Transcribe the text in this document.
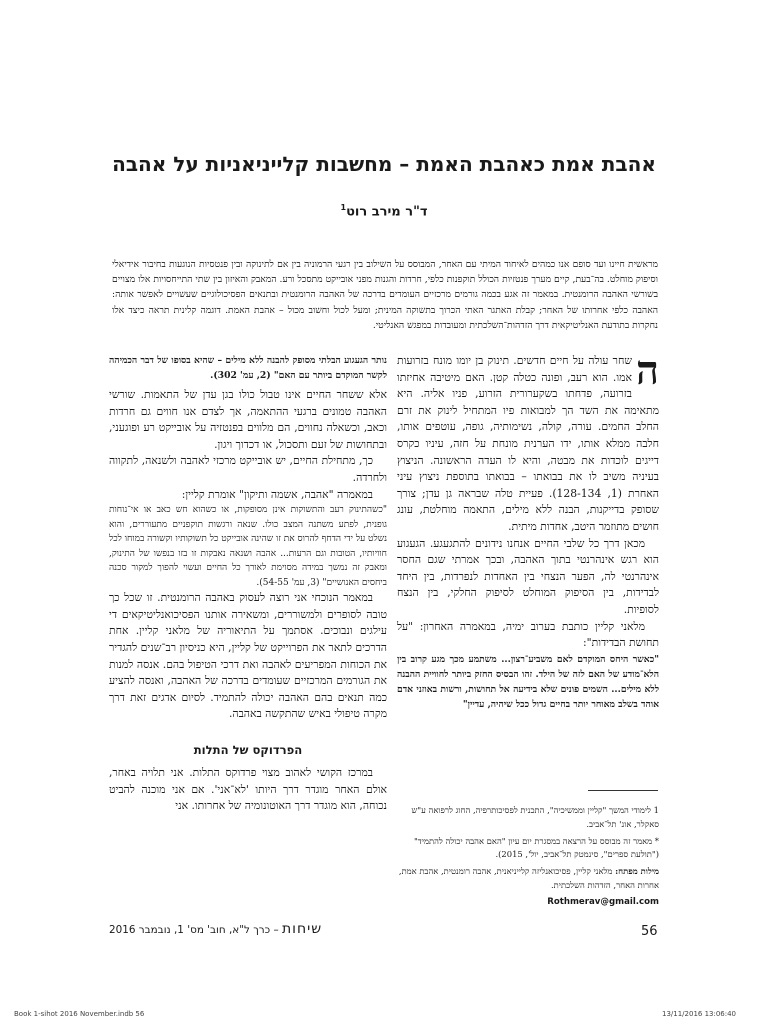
אהבת אמת כאהבת האמת – מחשבות קלייניאניות על אהבה
ד"ר מירב רוט$^1$
מראשית חיינו ועד סופם אנו כמהים לאיחוד המיתי עם האחר, המבוסס על השילוב בין רגעי הרמוניה בין אם לתינוקה ובין פנטסיות הנוגעות בחיבור אידיאלי וסיפוק מוחלט. בה־בעת, קיים מערך פנטזיות הכולל תוקפנות כלפי, חרדות והגנות מפני אובייקט מתסכל ורע. המאבק והאיזון בין שתי התייחסויות אלו מצויים בשורשי האהבה הרומנטית. במאמר זה אגע בכמה גורמים מרכזיים העומדים בדרכה של האהבה הרומנטית ובתנאים הפסיכולוגיים שעשויים לאפשר אותה: האהבה כלפי אחרותו של האחר; קבלת האתגר האתי הכרוך בתשוקה המינית; ומעל לכול וחשוב מכול – אהבת האמת. דוגמה קלינית תראה כיצד אלו נחקרות בתודעת האנליטיקאית דרך הזדהות־השלכתית ומעובדות במפגש האנליטי.

ה
שחר עולה על חיים חדשים. תינוק בן יומו מונח בזרועות אמו. הוא רעב, ופונה כטלה קטן. האם מיטיבה אחיזתו בזרועה, פדחתו בשקערורית הזרוע, פניו אליה. היא מתאימה את השד הך למבואות פיו המתחיל לינוק את זרם החלב החמים. עורה, קולה, נשימותיה, גופה, עוטפים אותו, חלבה ממלא אותו, ידו הערנית מונחת על חזה, עיניו כקרס דייגים לוכדות את מבטה, והיא לו העדה הראשונה. הניצוץ בעיניה משיב לו את בבואתו – בבואתו בתוספת ניצוץ עיני האחרת (1, 128-134). פעיית טלה שבראה גן עדן; צורך שסופק בדייקנות, הבנה ללא מילים, התאמה מוחלטת, עונג חושים מתוזמר היטב, אחדות מיתית.

מכאן דרך כל שלבי החיים אנחנו נידונים להתגעגע. הגעגוע הוא רגש אינהרנטי בתוך האהבה, ובכך אמרתי שגם החסר אינהרנטי לה, הפער הנצחי בין האחדות לנפרדות, בין היחד לבדידות, בין הסיפוק המוחלט לסיפוק החלקי, בין הנצח לסופיות.

מלאני קליין כותבת בערוב ימיה, במאמרה האחרון: "על תחושת הבדידות":

"כאשר היחס המוקדם לאם משביע־רצון... משתמע מכך מגע קרוב בין הלא־מודע של האם לזה של הילד. זהו הבסיס החזק ביותר לחוויית ההבנה ללא מילים... השמים פונים שלא בידיעה אל תחושות, ורשות באוזני אדם אוהד בשלב מאוחר יותר בחיים גדול ככל שיהיה, עדיין"

1 לימודי המשך "קליין וממשיכיה", התכנית לפסיכותרפיה, החוג לרפואה ע"ש סאקלר, אונ' תל־אביב.

* מאמר זה מבוסס על הרצאה במסגרת יום עיון "האם אהבה יכולה להתמיד" ("תולעת ספרים", סינמטק תל־אביב, יול', 2015).

מילות מפתח: מלאני קליין, פסיכואנליזה קלייניאנית, אהבה רומנטית, אהבת אמת, אחרות האחר, הזדהות השלכתית.

Rothmerav@gmail.com

נותר הגעגוע הבלתי מסופק להבנה ללא מילים – שהיא בסופו של דבר הכמיהה לקשר המוקדם ביותר עם האם" (2, עמ' 302).

אלא ששחר החיים אינו טבול כולו בגן עדן של התאמות. שורשי האהבה טמונים ברגעי ההתאמה, אך לצדם אנו חווים גם חרדות וכאב, וכשאלה נחווים, הם מלווים בפנטזיה על אובייקט רע ופוגעני, ובתחושות של זעם ותסכול, או דכדוך ויגון.

כך, מתחילת החיים, יש אובייקט מרכזי לאהבה ולשנאה, לתקווה ולחרדה.

במאמרה "אהבה, אשמה ותיקון" אומרת קליין:

"כשהתינוק רעב והתשוקות אינן מסופקות, או כשהוא חש כאב או אי־נוחות גופנית, לפתע משתנה המצב כולו. שנאה ורגשות תוקפניים מתעוררים, והוא נשלט על ידי הדחף להרוס את זו שהינה אובייקט כל תשוקותיו וקשורה במוחו לכל חוויותיו, הטובות וגם הרעות... אהבה ושנאה נאבקות זו בזו בנפשו של התינוק, ומאבק זה נמשך במידה מסוימת לאורך כל החיים ועשוי להפוך למקור סכנה ביחסים האנושיים" (3, עמ' 54-55).

במאמר הנוכחי אני רוצה לעסוק באהבה הרומנטית. זו שכל כך טובה לסופרים ולמשוררים, ומשאירה אותנו הפסיכואנליטיקאים די עילגים ונבוכים. אסתמך על התיאוריה של מלאני קליין. אחת הדרכים לתאר את הפרוייקט של קליין, היא כניסיון רב־שנים להגדיר את הכוחות המפריעים לאהבה ואת דרכי הטיפול בהם. אנסה למנות את הגורמים המרכזיים שעומדים בדרכה של האהבה, ואנסה להציע כמה תנאים בהם האהבה יכולה להתמיד. לסיום אדגים זאת דרך מקרה טיפולי באיש שהתקשה באהבה.

הפרדוקס של התלות

במרכז הקושי לאהוב מצוי פרדוקס התלות. אני תלויה באחר, אולם האחר מוגדר דרך היותו 'לא־אני'. אם אני מוכנה להביט נכוחה, הוא מוגדר דרך האוטונומיה של אחרותו. אני

56
שיחות – כרך ל"א, חוב' מס' 1, נובמבר 2016
Book 1-sihot 2016 November.indb 56	13/11/2016 13:06:40
